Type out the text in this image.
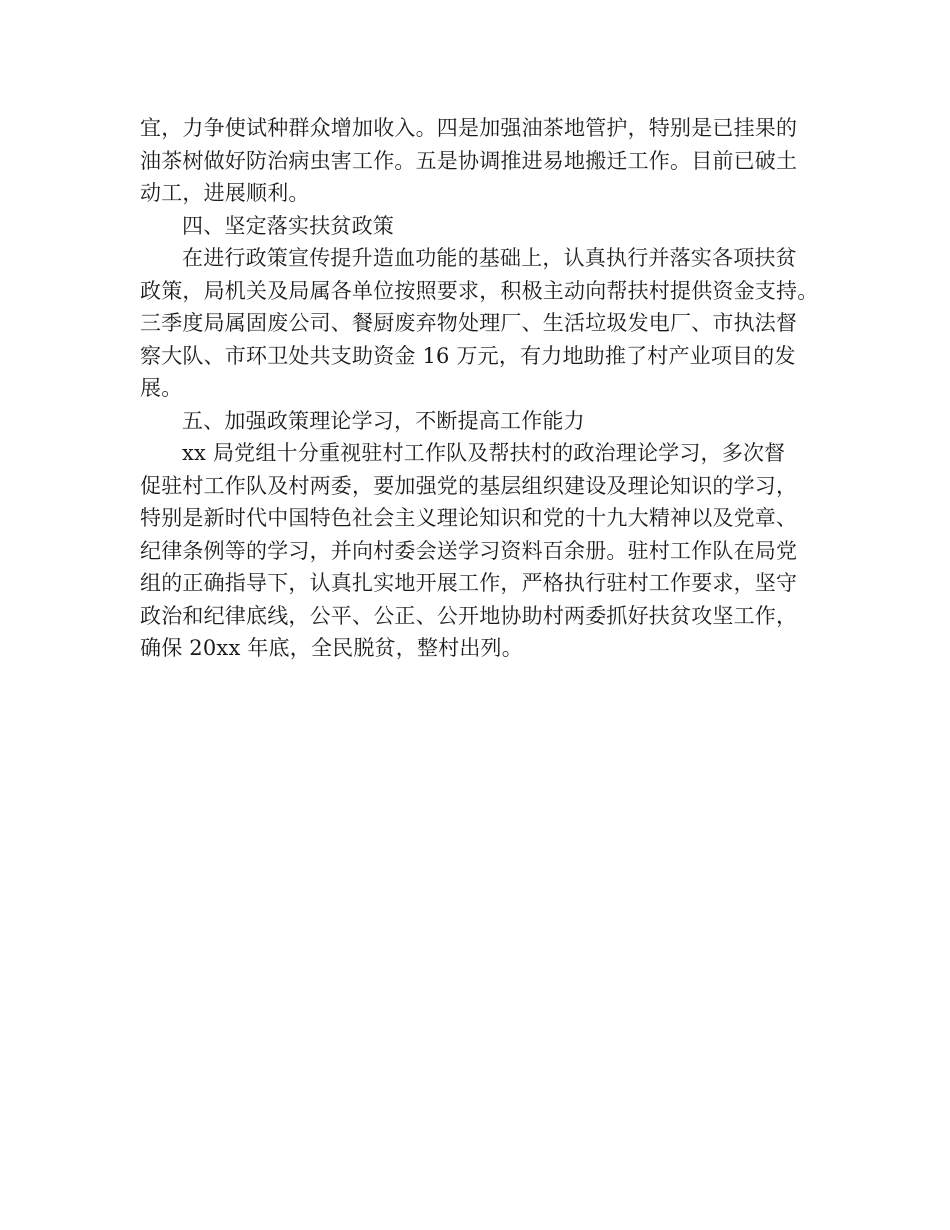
宜，力争使试种群众增加收入。四是加强油茶地管护，特别是已挂果的
油茶树做好防治病虫害工作。五是协调推进易地搬迁工作。目前已破土
动工，进展顺利。
四、坚定落实扶贫政策
在进行政策宣传提升造血功能的基础上，认真执行并落实各项扶贫
政策，局机关及局属各单位按照要求，积极主动向帮扶村提供资金支持。
三季度局属固废公司、餐厨废弃物处理厂、生活垃圾发电厂、市执法督
察大队、市环卫处共支助资金 16 万元，有力地助推了村产业项目的发
展。
五、加强政策理论学习，不断提高工作能力
xx 局党组十分重视驻村工作队及帮扶村的政治理论学习，多次督
促驻村工作队及村两委，要加强党的基层组织建设及理论知识的学习，
特别是新时代中国特色社会主义理论知识和党的十九大精神以及党章、
纪律条例等的学习，并向村委会送学习资料百余册。驻村工作队在局党
组的正确指导下，认真扎实地开展工作，严格执行驻村工作要求，坚守
政治和纪律底线，公平、公正、公开地协助村两委抓好扶贫攻坚工作，
确保 20xx 年底，全民脱贫，整村出列。
